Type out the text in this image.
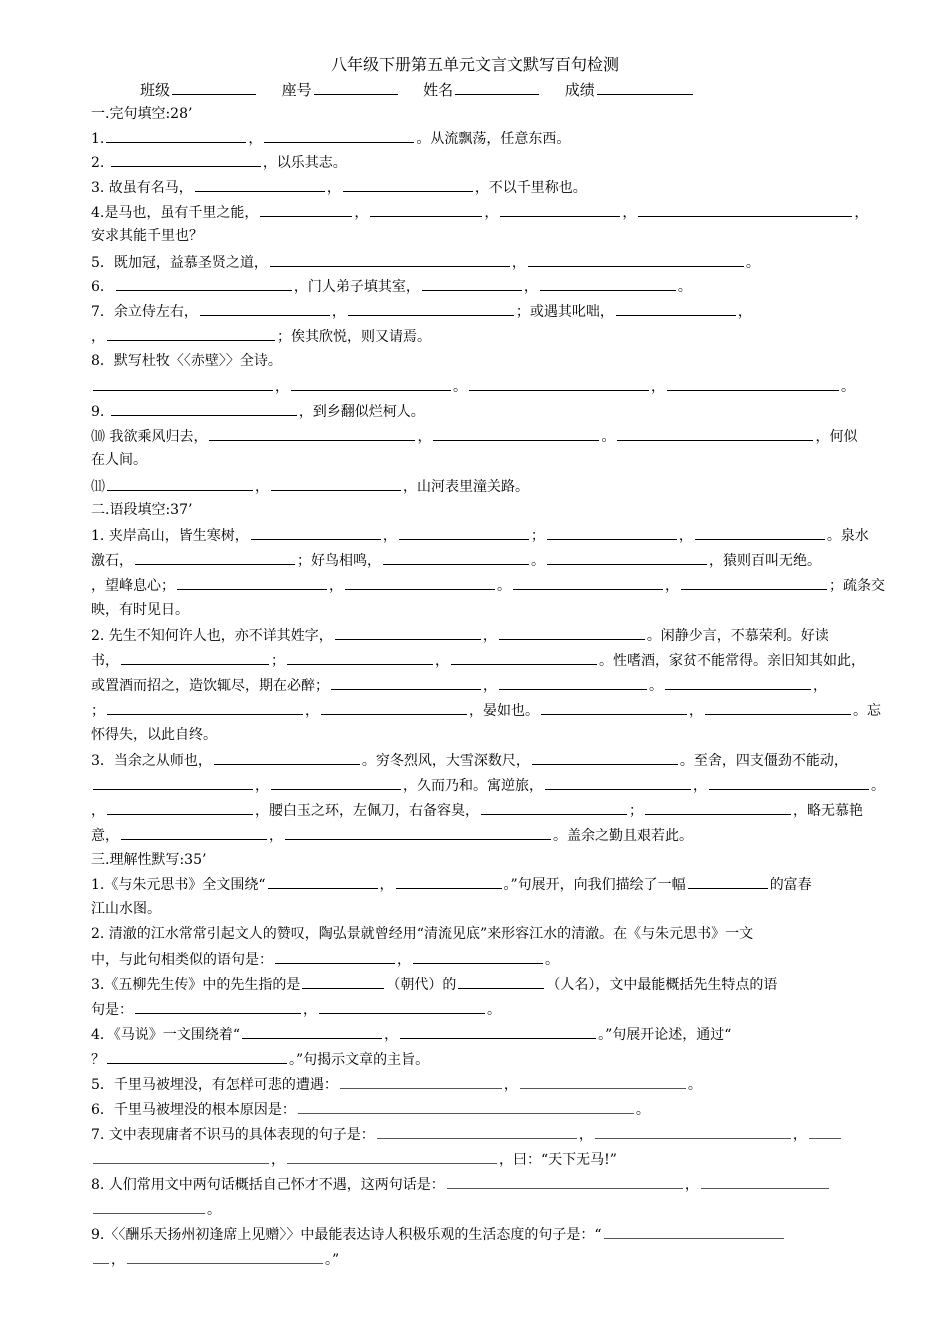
八年级下册第五单元文言文默写百句检测
班级	座号	姓名	成绩
一.完句填空:28’
1.	，	。从流飘荡，任意东西。
2.	，以乐其志。
3. 故虽有名马，	，	，不以千里称也。
4.是马也，虽有千里之能，	，	，	，	，
安求其能千里也？
5．既加冠，益慕圣贤之道，	，	。
6．	，门人弟子填其室，	，	。
7．余立侍左右，	，	；或遇其叱咄，	，
，	；俟其欣悦，则又请焉。
8．默写杜牧〈〈赤壁〉〉全诗。
，	。	，	。
9.	，到乡翻似烂柯人。
⑽ 我欲乘风归去，	，	。	，何似
在人间。
⑾	，	，山河表里潼关路。
二.语段填空:37’
1. 夹岸高山，皆生寒树，	，	；	，	。泉水
激石，	；好鸟相鸣，	。	，猿则百叫无绝。
，望峰息心；	，	。	，	；疏条交
映，有时见日。
2. 先生不知何许人也，亦不详其姓字，	，	。闲静少言，不慕荣利。好读
书，	；	，	。性嗜酒，家贫不能常得。亲旧知其如此，
或置酒而招之，造饮辄尽，期在必醉；	，	。	，
；	，	，晏如也。	，	。忘
怀得失，以此自终。
3．当余之从师也，	。穷冬烈风，大雪深数尺，	。至舍，四支僵劲不能动，
，	，久而乃和。寓逆旅，	，	。
，	，腰白玉之环，左佩刀，右备容臭，	；	，略无慕艳
意，	，	。盖余之勤且艰若此。
三.理解性默写:35’
1.《与朱元思书》全文围绕“	，	。”句展开，向我们描绘了一幅	的富春
江山水图。
2. 清澈的江水常常引起文人的赞叹，陶弘景就曾经用“清流见底”来形容江水的清澈。在《与朱元思书》一文
中，与此句相类似的语句是：	，	。
3.《五柳先生传》中的先生指的是	（朝代）的	（人名），文中最能概括先生特点的语
句是：	，	。
4．《马说》一文围绕着“	，	。”句展开论述，通过“
？	。”句揭示文章的主旨。
5．千里马被埋没，有怎样可悲的遭遇：	，	。
6．千里马被埋没的根本原因是：	。
7. 文中表现庸者不识马的具体表现的句子是：	，	，
，	，曰：“天下无马!”
8. 人们常用文中两句话概括自己怀才不遇，这两句话是：	，
。
9.〈〈酬乐天扬州初逢席上见赠〉〉中最能表达诗人积极乐观的生活态度的句子是：“
，	。”
